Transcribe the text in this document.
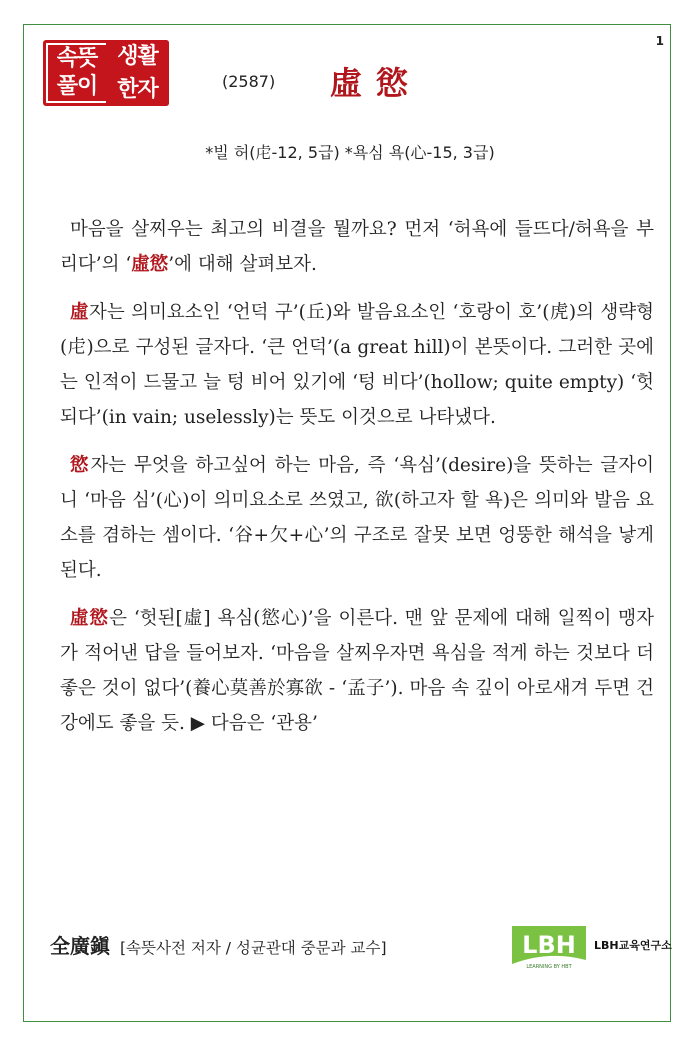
1
속뜻 생활
풀이 한자	(2587) 虛慾
*빌 허(虍-12, 5급) *욕심 욕(心-15, 3급)

마음을 살찌우는 최고의 비결을 뭘까요? 먼저 ‘허욕에 들뜨다/허욕을 부리다’의 ‘虛慾’에 대해 살펴보자.

虛자는 의미요소인 ‘언덕 구’(丘)와 발음요소인 ‘호랑이 호’(虎)의 생략형(虍)으로 구성된 글자다. ‘큰 언덕’(a great hill)이 본뜻이다. 그러한 곳에는 인적이 드물고 늘 텅 비어 있기에 ‘텅 비다’(hollow; quite empty) ‘헛되다’(in vain; uselessly)는 뜻도 이것으로 나타냈다.

慾자는 무엇을 하고싶어 하는 마음, 즉 ‘욕심’(desire)을 뜻하는 글자이니 ‘마음 심’(心)이 의미요소로 쓰였고, 欲(하고자 할 욕)은 의미와 발음 요소를 겸하는 셈이다. ‘谷+欠+心’의 구조로 잘못 보면 엉뚱한 해석을 낳게 된다.

虛慾은 ‘헛된[虛] 욕심(慾心)’을 이른다. 맨 앞 문제에 대해 일찍이 맹자가 적어낸 답을 들어보자. ‘마음을 살찌우자면 욕심을 적게 하는 것보다 더 좋은 것이 없다’(養心莫善於寡欲 - ‘孟子’). 마음 속 깊이 아로새겨 두면 건강에도 좋을 듯. ▶ 다음은 ‘관용’

全廣鎭 [속뜻사전 저자 / 성균관대 중문과 교수]	LBH
LEARNING BY HBT
LBH교육연구소
